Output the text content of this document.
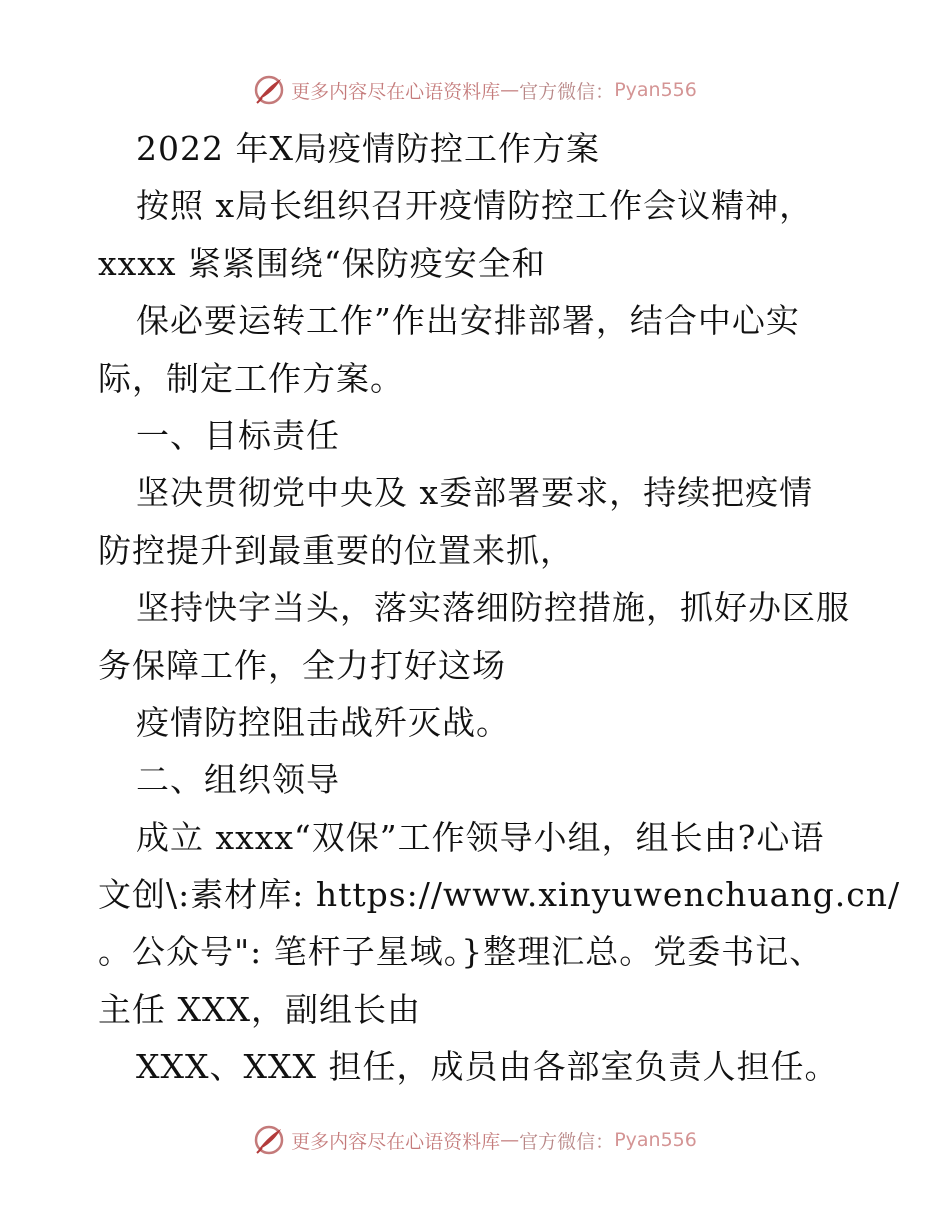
更多内容尽在心语资料库 — 官方微信： Pyan556

2022 年X局疫情防控工作方案

按照 x局长组织召开疫情防控工作会议精神，

xxxx 紧紧围绕“保防疫安全和

保必要运转工作”作出安排部署，结合中心实

际，制定工作方案。

一、目标责任

坚决贯彻党中央及 x委部署要求，持续把疫情

防控提升到最重要的位置来抓，

坚持快字当头，落实落细防控措施，抓好办区服

务保障工作，全力打好这场

疫情防控阻击战歼灭战。

二、组织领导

成立 xxxx“双保”工作领导小组，组长由?心语

文创\:素材库: https://www.xinyuwenchuang.cn/

。公众号": 笔杆子星域。}整理汇总。党委书记、

主任 XXX，副组长由

XXX、XXX 担任，成员由各部室负责人担任。

更多内容尽在心语资料库 — 官方微信： Pyan556
